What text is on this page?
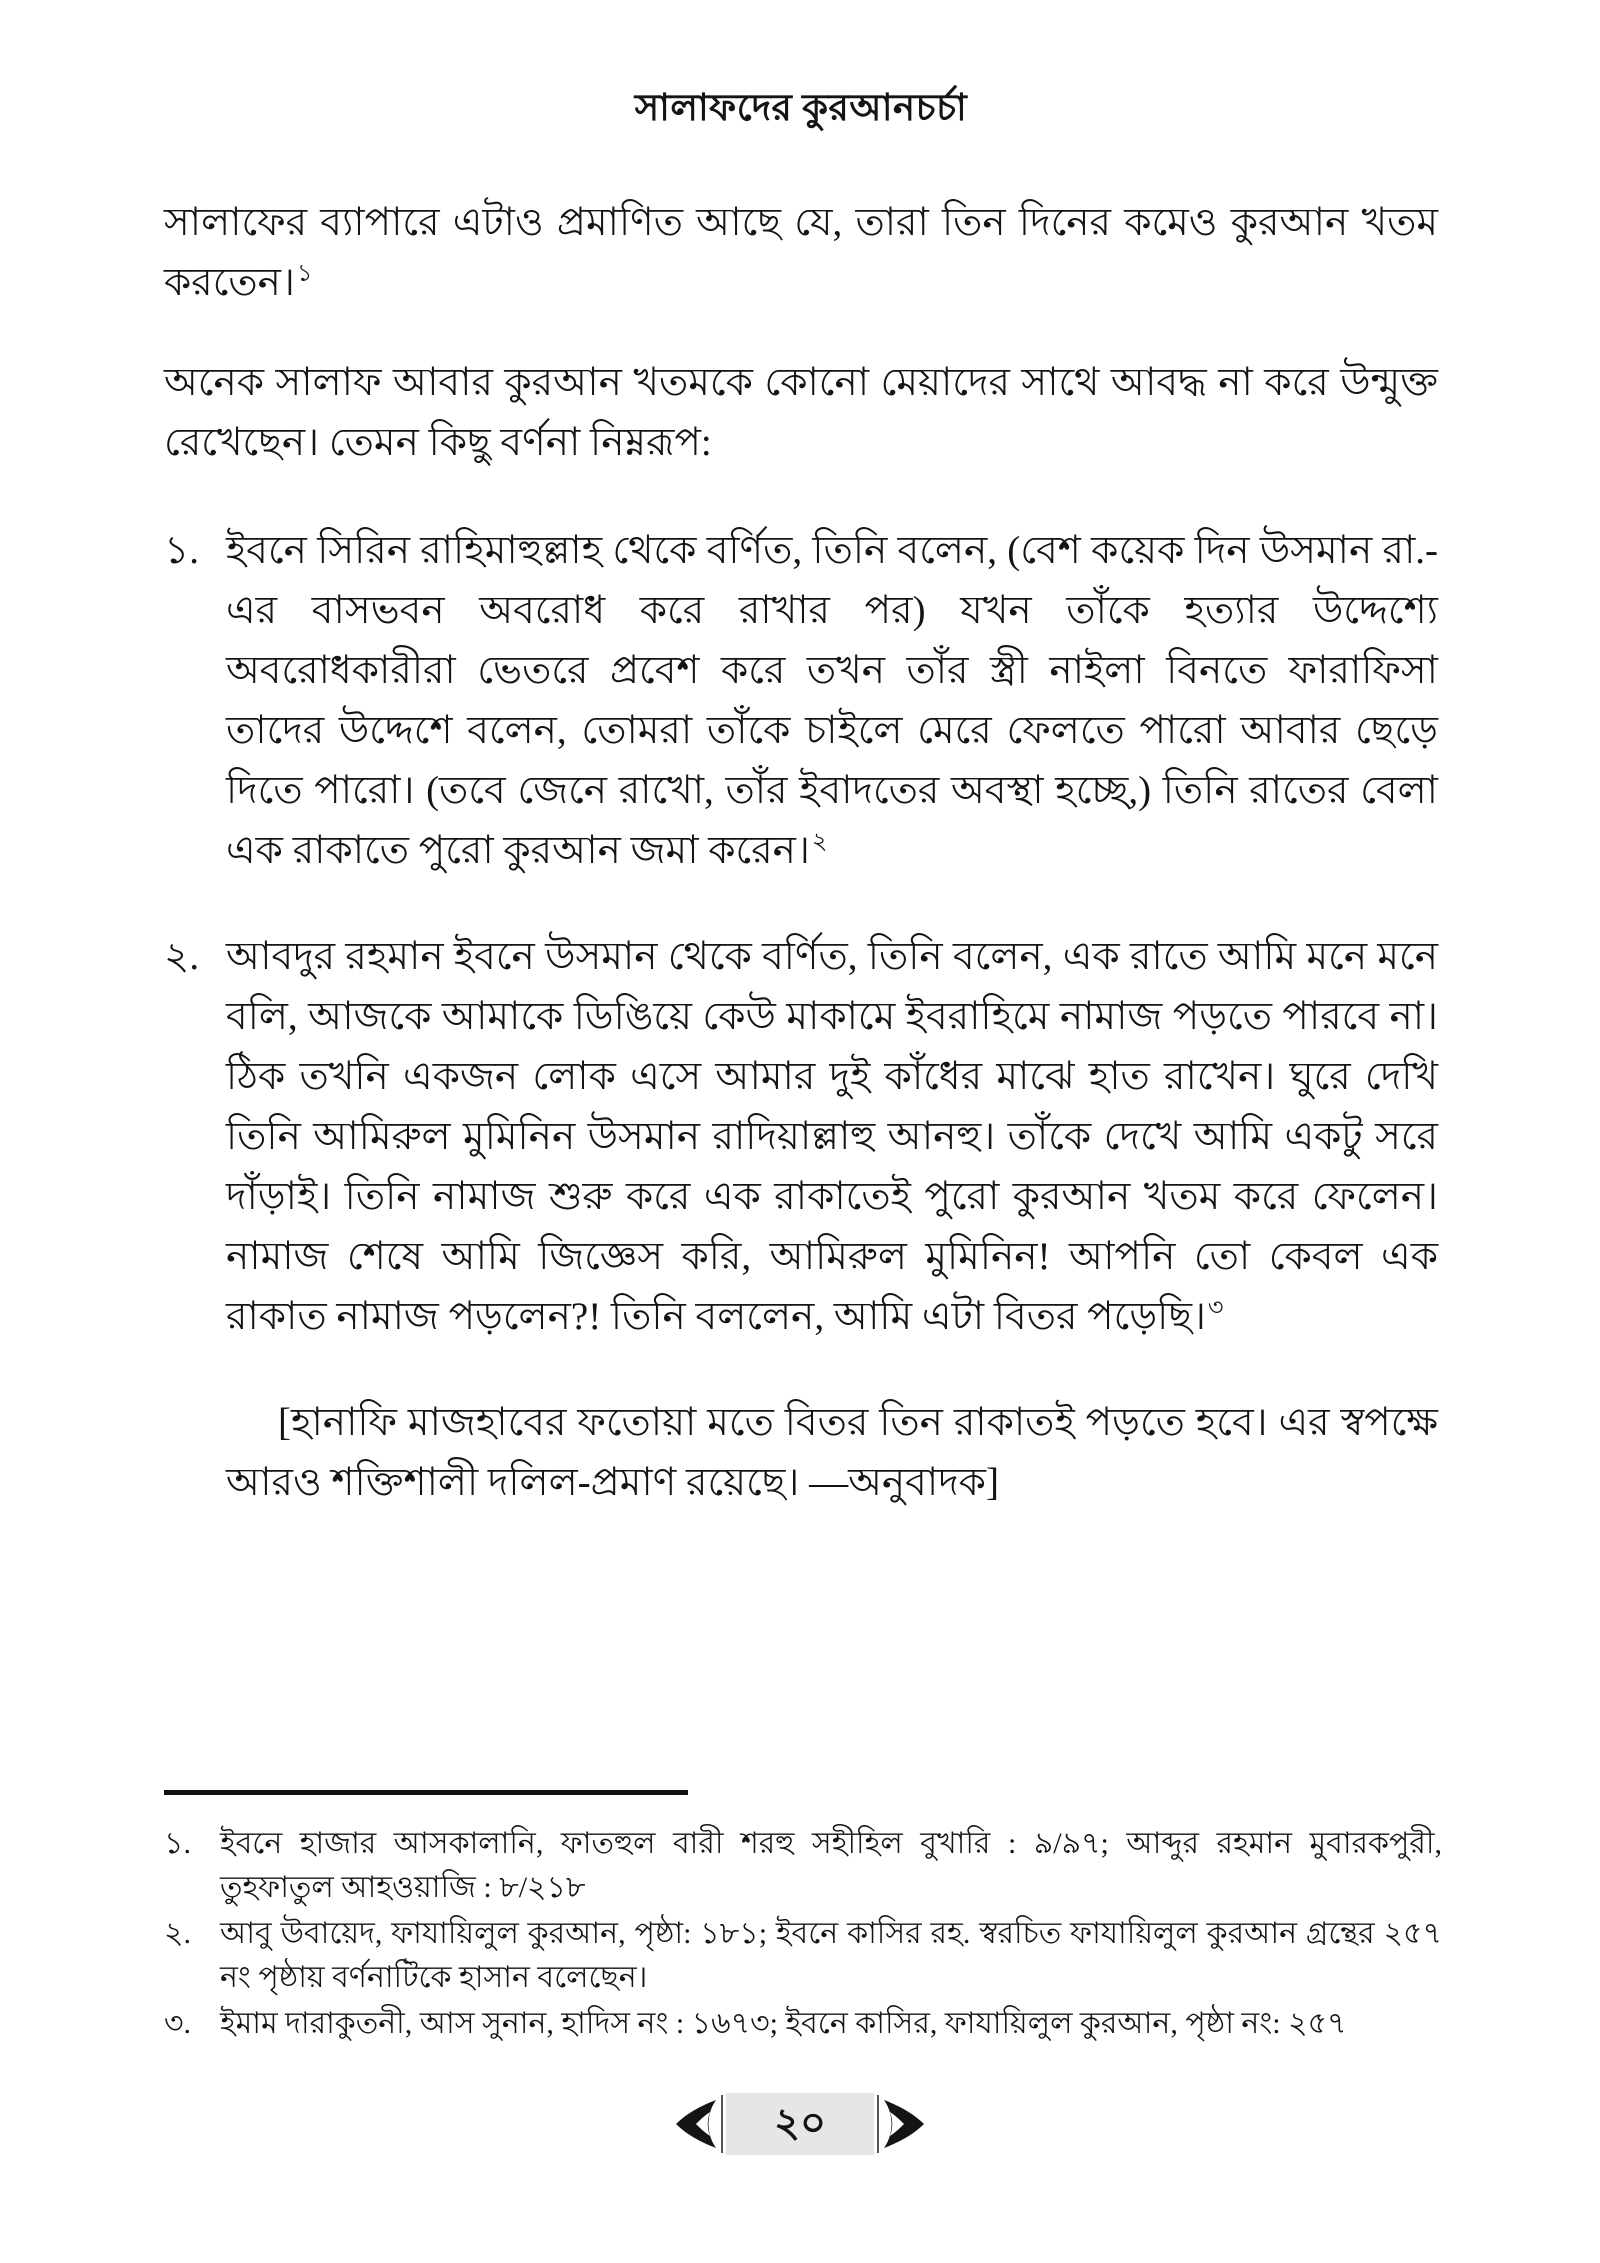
সালাফদের কুরআনচর্চা

সালাফের ব্যাপারে এটাও প্রমাণিত আছে যে, তারা তিন দিনের কমেও কুরআন খতম করতেন।$^১$

অনেক সালাফ আবার কুরআন খতমকে কোনো মেয়াদের সাথে আবদ্ধ না করে উন্মুক্ত রেখেছেন। তেমন কিছু বর্ণনা নিম্নরূপ:

১. ইবনে সিরিন রাহিমাহুল্লাহ থেকে বর্ণিত, তিনি বলেন, (বেশ কয়েক দিন উসমান রা.-এর বাসভবন অবরোধ করে রাখার পর) যখন তাঁকে হত্যার উদ্দেশ্যে অবরোধকারীরা ভেতরে প্রবেশ করে তখন তাঁর স্ত্রী নাইলা বিনতে ফারাফিসা তাদের উদ্দেশে বলেন, তোমরা তাঁকে চাইলে মেরে ফেলতে পারো আবার ছেড়ে দিতে পারো। (তবে জেনে রাখো, তাঁর ইবাদতের অবস্থা হচ্ছে,) তিনি রাতের বেলা এক রাকাতে পুরো কুরআন জমা করেন।$^২$
২. আবদুর রহমান ইবনে উসমান থেকে বর্ণিত, তিনি বলেন, এক রাতে আমি মনে মনে বলি, আজকে আমাকে ডিঙিয়ে কেউ মাকামে ইবরাহিমে নামাজ পড়তে পারবে না। ঠিক তখনি একজন লোক এসে আমার দুই কাঁধের মাঝে হাত রাখেন। ঘুরে দেখি তিনি আমিরুল মুমিনিন উসমান রাদিয়াল্লাহু আনহু। তাঁকে দেখে আমি একটু সরে দাঁড়াই। তিনি নামাজ শুরু করে এক রাকাতেই পুরো কুরআন খতম করে ফেলেন। নামাজ শেষে আমি জিজ্ঞেস করি, আমিরুল মুমিনিন! আপনি তো কেবল এক রাকাত নামাজ পড়লেন?! তিনি বললেন, আমি এটা বিতর পড়েছি।$^৩$
[হানাফি মাজহাবের ফতোয়া মতে বিতর তিন রাকাতই পড়তে হবে। এর স্বপক্ষে আরও শক্তিশালী দলিল-প্রমাণ রয়েছে। —অনুবাদক]
১. ইবনে হাজার আসকালানি, ফাতহুল বারী শরহু সহীহিল বুখারি : ৯/৯৭; আব্দুর রহমান মুবারকপুরী, তুহফাতুল আহওয়াজি : ৮/২১৮
২. আবু উবায়েদ, ফাযায়িলুল কুরআন, পৃষ্ঠা: ১৮১; ইবনে কাসির রহ. স্বরচিত ফাযায়িলুল কুরআন গ্রন্থের ২৫৭ নং পৃষ্ঠায় বর্ণনাটিকে হাসান বলেছেন।
৩. ইমাম দারাকুতনী, আস সুনান, হাদিস নং : ১৬৭৩; ইবনে কাসির, ফাযায়িলুল কুরআন, পৃষ্ঠা নং: ২৫৭
২০
